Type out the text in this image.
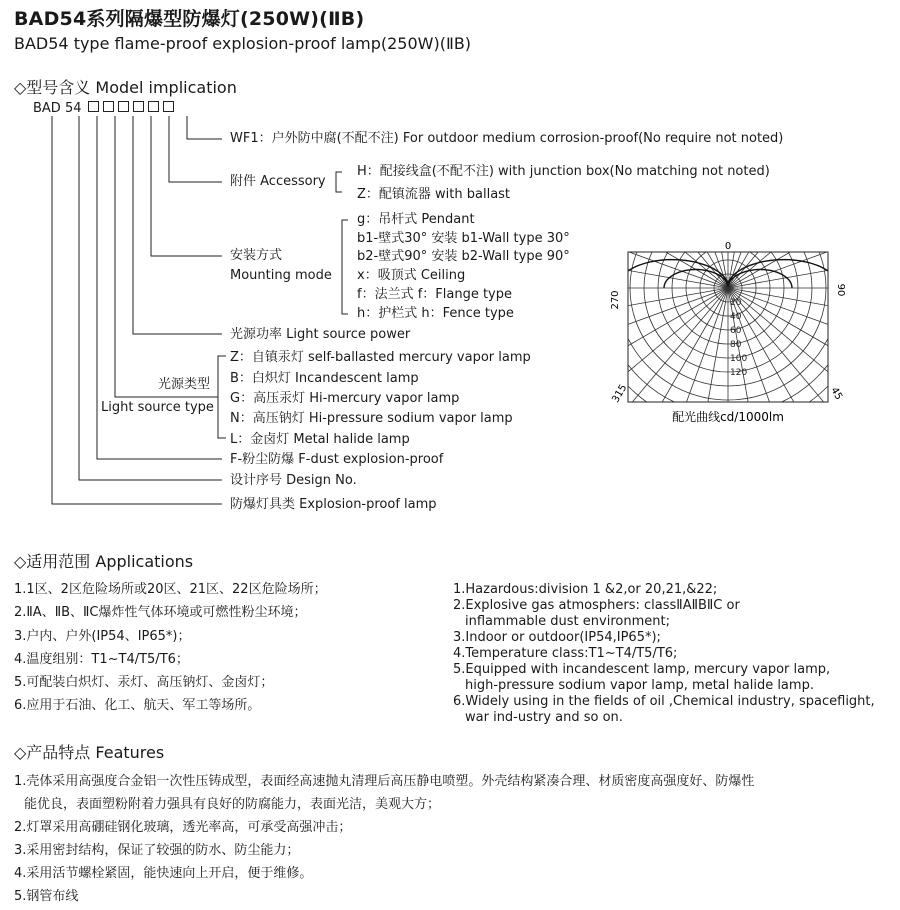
BAD54系列隔爆型防爆灯(250W)(ⅡB)
BAD54 type flame-proof explosion-proof lamp(250W)(ⅡB)
◇型号含义 Model implication
BAD 54
WF1：户外防中腐(不配不注) For outdoor medium corrosion-proof(No require not noted)
附件 Accessory
H：配接线盒(不配不注) with junction box(No matching not noted)
Z：配镇流器 with ballast
安装方式
Mounting mode
g：吊杆式 Pendant
b1-壁式30° 安装 b1-Wall type 30°
b2-壁式90° 安装 b2-Wall type 90°
x：吸顶式 Ceiling
f：法兰式 f：Flange type
h：护栏式 h：Fence type
光源功率 Light source power
光源类型
Light source type
Z：自镇汞灯 self-ballasted mercury vapor lamp
B：白炽灯 Incandescent lamp
G：高压汞灯 Hi-mercury vapor lamp
N：高压钠灯 Hi-pressure sodium vapor lamp
L：金卤灯 Metal halide lamp
F-粉尘防爆 F-dust explosion-proof
设计序号 Design No.
防爆灯具类 Explosion-proof lamp
20
40
60
80
100
120
0
270
90
315	45
配光曲线cd/1000lm
◇适用范围 Applications
1.1区、2区危险场所或20区、21区、22区危险场所；
2.ⅡA、ⅡB、ⅡC爆炸性气体环境或可燃性粉尘环境；
3.户内、户外(IP54、IP65*)；
4.温度组别：T1~T4/T5/T6；
5.可配装白炽灯、汞灯、高压钠灯、金卤灯；
6.应用于石油、化工、航天、军工等场所。
1.Hazardous:division 1 &2,or 20,21,&22;
2.Explosive gas atmosphers: classⅡAⅡBⅡC or
inflammable dust environment;
3.Indoor or outdoor(IP54,IP65*);
4.Temperature class:T1~T4/T5/T6;
5.Equipped with incandescent lamp, mercury vapor lamp,
high-pressure sodium vapor lamp, metal halide lamp.
6.Widely using in the fields of oil ,Chemical industry, spaceflight,
war ind-ustry and so on.
◇产品特点 Features
1.壳体采用高强度合金铝一次性压铸成型，表面经高速抛丸清理后高压静电喷塑。外壳结构紧凑合理、材质密度高强度好、防爆性
能优良，表面塑粉附着力强具有良好的防腐能力，表面光洁，美观大方；
2.灯罩采用高硼硅钢化玻璃，透光率高，可承受高强冲击；
3.采用密封结构，保证了较强的防水、防尘能力；
4.采用活节螺栓紧固，能快速向上开启，便于维修。
5.钢管布线
